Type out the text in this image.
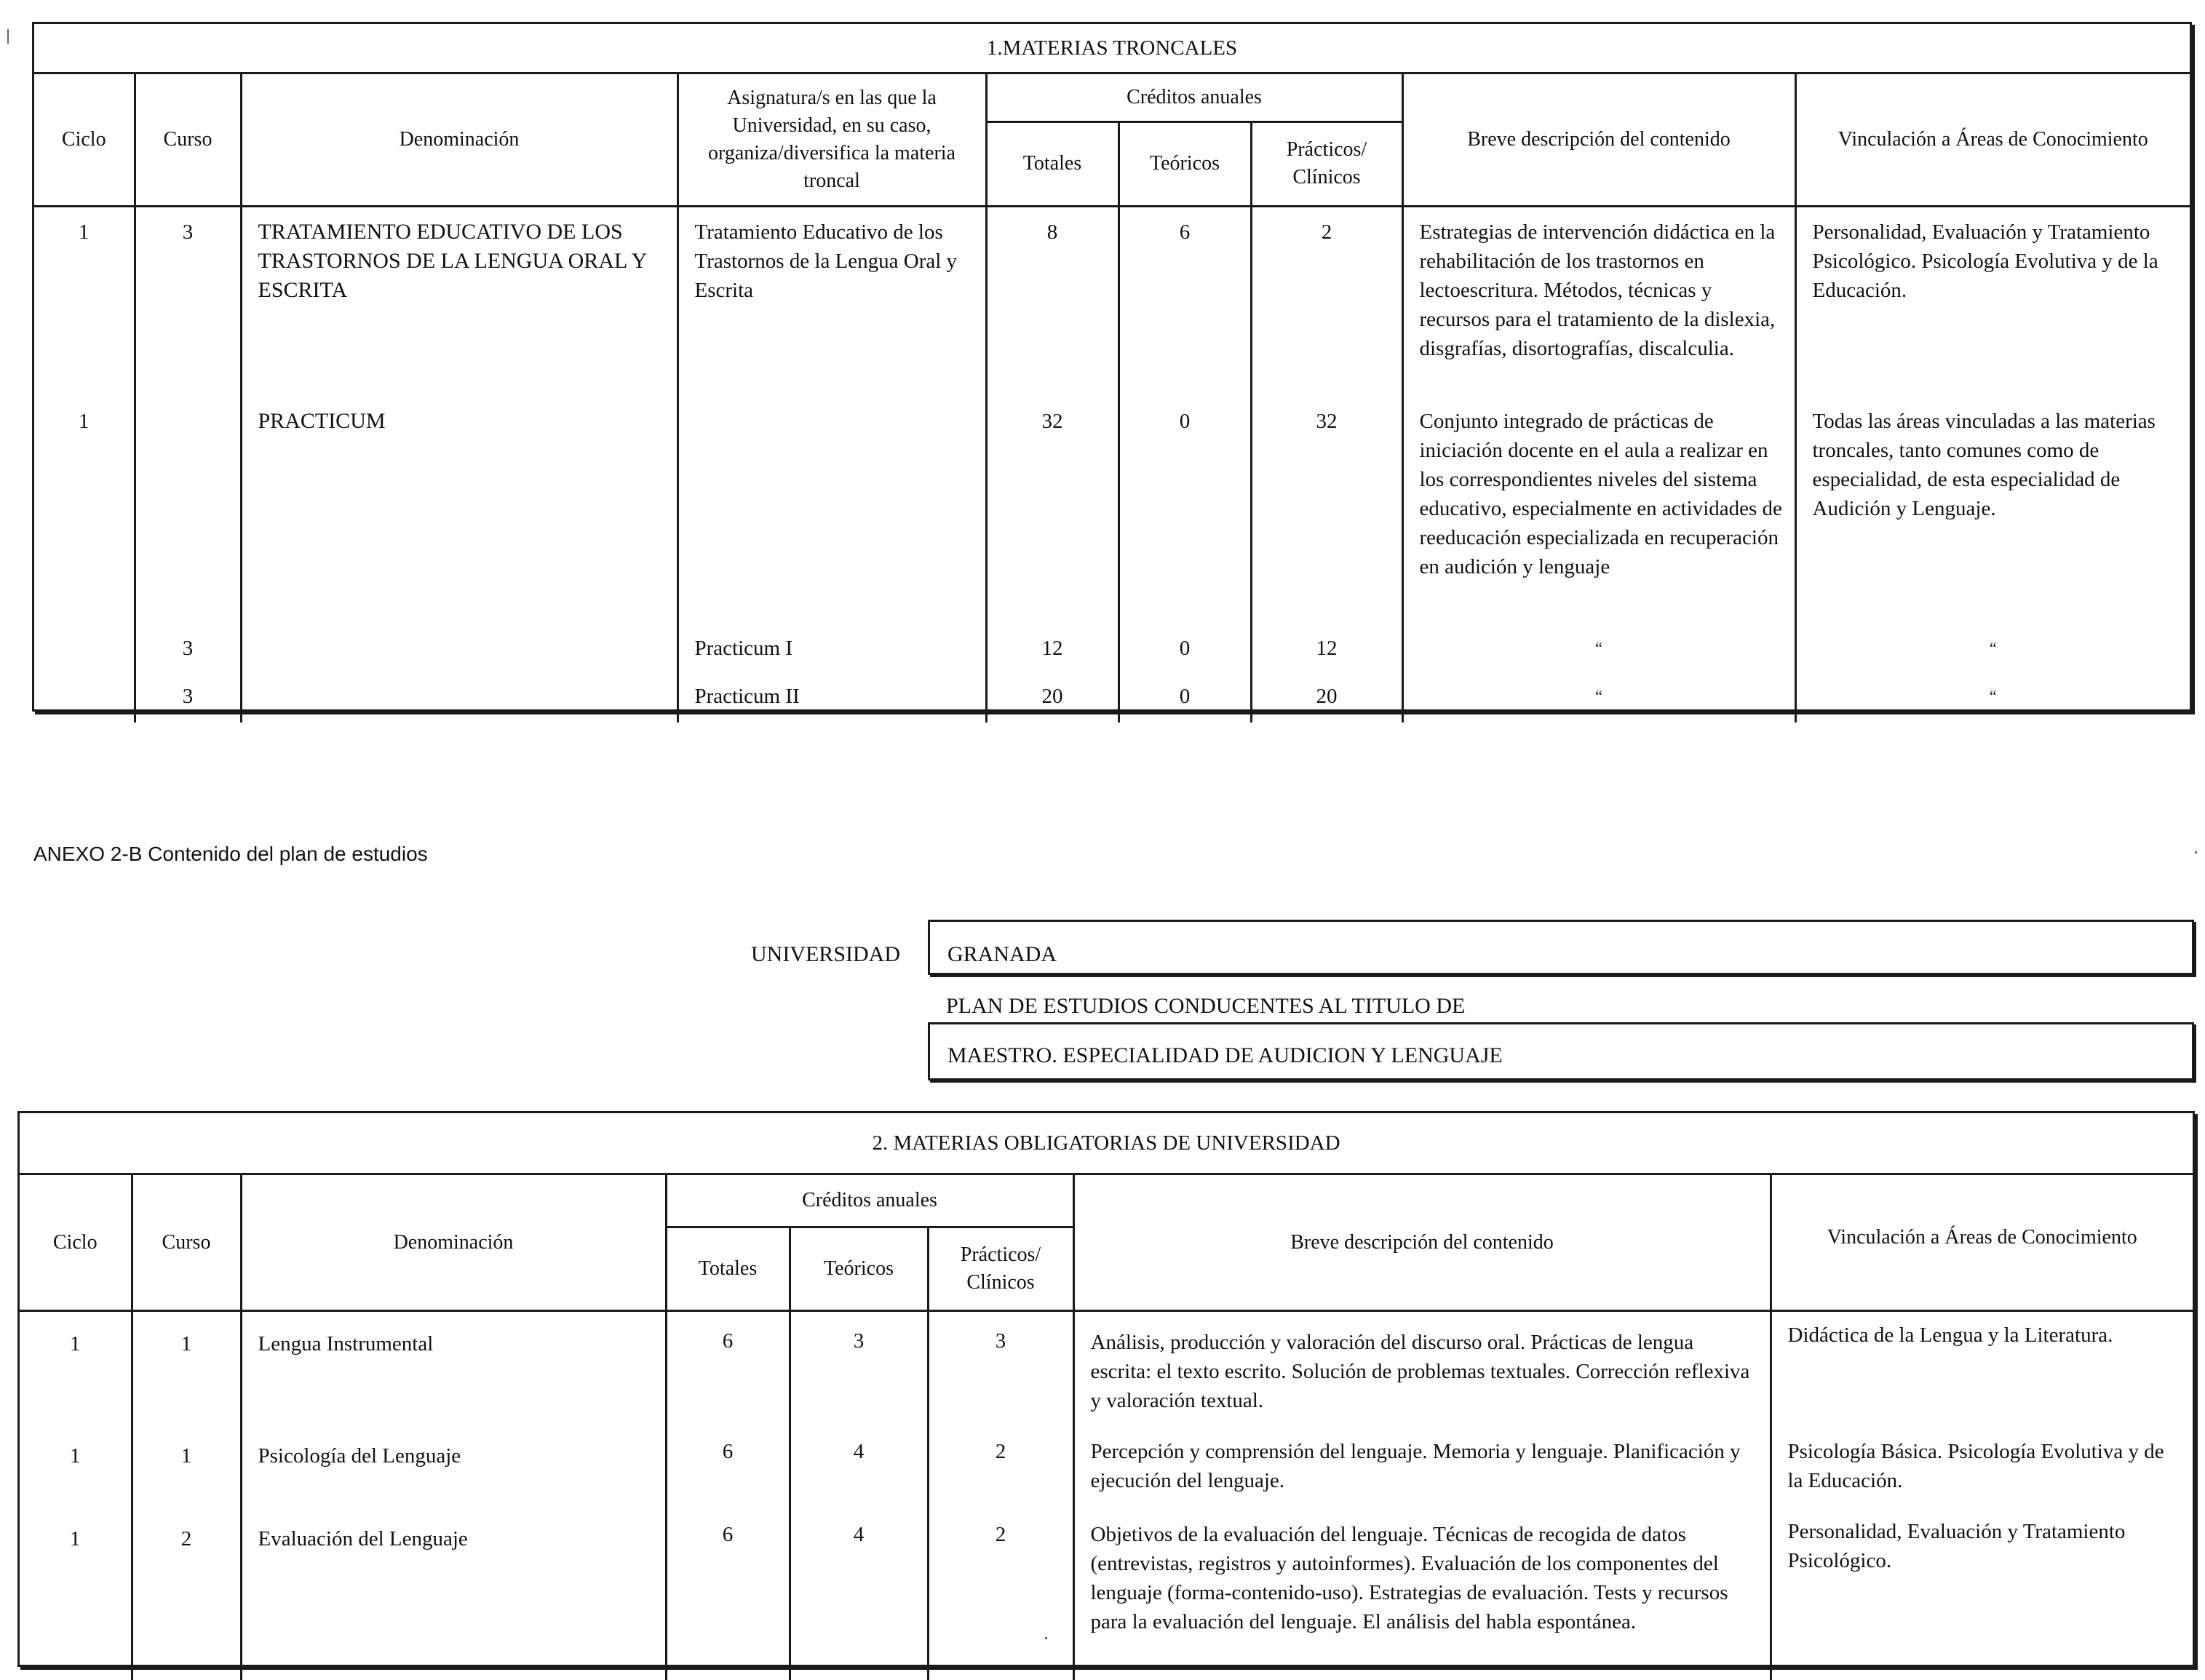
1.MATERIAS TRONCALES								
Ciclo	Curso	Denominación	Asignatura/s en las que la Universidad, en su caso, organiza/diversifica la materia troncal	Créditos anuales			Breve descripción del contenido	Vinculación a Áreas de Conocimiento
				Totales	Teóricos	Prácticos/ Clínicos		
1	3	TRATAMIENTO EDUCATIVO DE LOS TRASTORNOS DE LA LENGUA ORAL Y ESCRITA	Tratamiento Educativo de los Trastornos de la Lengua Oral y Escrita	8	6	2	Estrategias de intervención didáctica en la rehabilitación de los trastornos en lectoescritura. Métodos, técnicas y recursos para el tratamiento de la dislexia, disgrafías, disortografías, discalculia.	Personalidad, Evaluación y Tratamiento Psicológico. Psicología Evolutiva y de la Educación.
1		PRACTICUM		32	0	32	Conjunto integrado de prácticas de iniciación docente en el aula a realizar en los correspondientes niveles del sistema educativo, especialmente en actividades de reeducación especializada en recuperación en audición y lenguaje	Todas las áreas vinculadas a las materias troncales, tanto comunes como de especialidad, de esta especialidad de Audición y Lenguaje.
	3		Practicum I	12	0	12	“	“
	3		Practicum II	20	0	20	“	“
ANEXO 2-B Contenido del plan de estudios
UNIVERSIDAD GRANADA
PLAN DE ESTUDIOS CONDUCENTES AL TITULO DE
MAESTRO. ESPECIALIDAD DE AUDICION Y LENGUAJE
2. MATERIAS OBLIGATORIAS DE UNIVERSIDAD							
Ciclo	Curso	Denominación	Créditos anuales			Breve descripción del contenido	Vinculación a Áreas de Conocimiento
			Totales	Teóricos	Prácticos/ Clínicos		
1	1	Lengua Instrumental	6	3	3	Análisis, producción y valoración del discurso oral. Prácticas de lengua escrita: el texto escrito. Solución de problemas textuales. Corrección reflexiva y valoración textual.	Didáctica de la Lengua y la Literatura.
1	1	Psicología del Lenguaje	6	4	2	Percepción y comprensión del lenguaje. Memoria y lenguaje. Planificación y ejecución del lenguaje.	Psicología Básica. Psicología Evolutiva y de la Educación.
1	2	Evaluación del Lenguaje	6	4	2	Objetivos de la evaluación del lenguaje. Técnicas de recogida de datos (entrevistas, registros y autoinformes). Evaluación de los componentes del lenguaje (forma-contenido-uso). Estrategias de evaluación. Tests y recursos para la evaluación del lenguaje. El análisis del habla espontánea.	Personalidad, Evaluación y Tratamiento Psicológico.
